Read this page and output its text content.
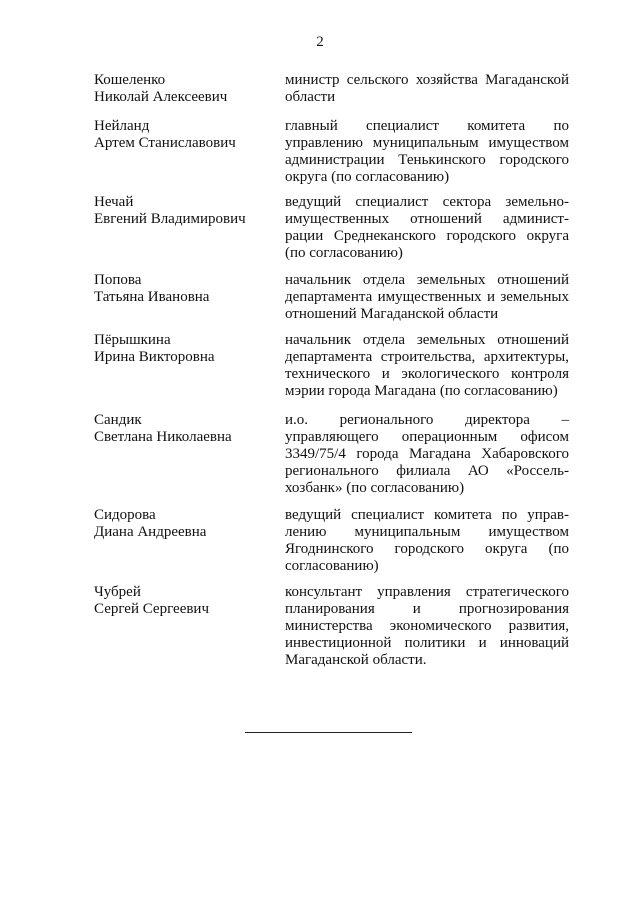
2
Кошеленко
Николай Алексеевич
министр сельского хозяйства Магаданской области
Нейланд
Артем Станиславович
главный специалист комитета по управлению муниципальным имуществом администрации Тенькинского городского округа (по согласованию)
Нечай
Евгений Владимирович
ведущий специалист сектора земельно-имущественных отношений админист-рации Среднеканского городского округа (по согласованию)
Попова
Татьяна Ивановна
начальник отдела земельных отношений департамента имущественных и земельных отношений Магаданской области
Пёрышкина
Ирина Викторовна
начальник отдела земельных отношений департамента строительства, архитектуры, технического и экологического контроля мэрии города Магадана (по согласованию)
Сандик
Светлана Николаевна
и.о. регионального директора – управляющего операционным офисом 3349/75/4 города Магадана Хабаровского регионального филиала АО «Россель-хозбанк» (по согласованию)
Сидорова
Диана Андреевна
ведущий специалист комитета по управ-лению муниципальным имуществом Ягоднинского городского округа (по согласованию)
Чубрей
Сергей Сергеевич
консультант управления стратегического планирования и прогнозирования министерства экономического развития, инвестиционной политики и инноваций Магаданской области.
